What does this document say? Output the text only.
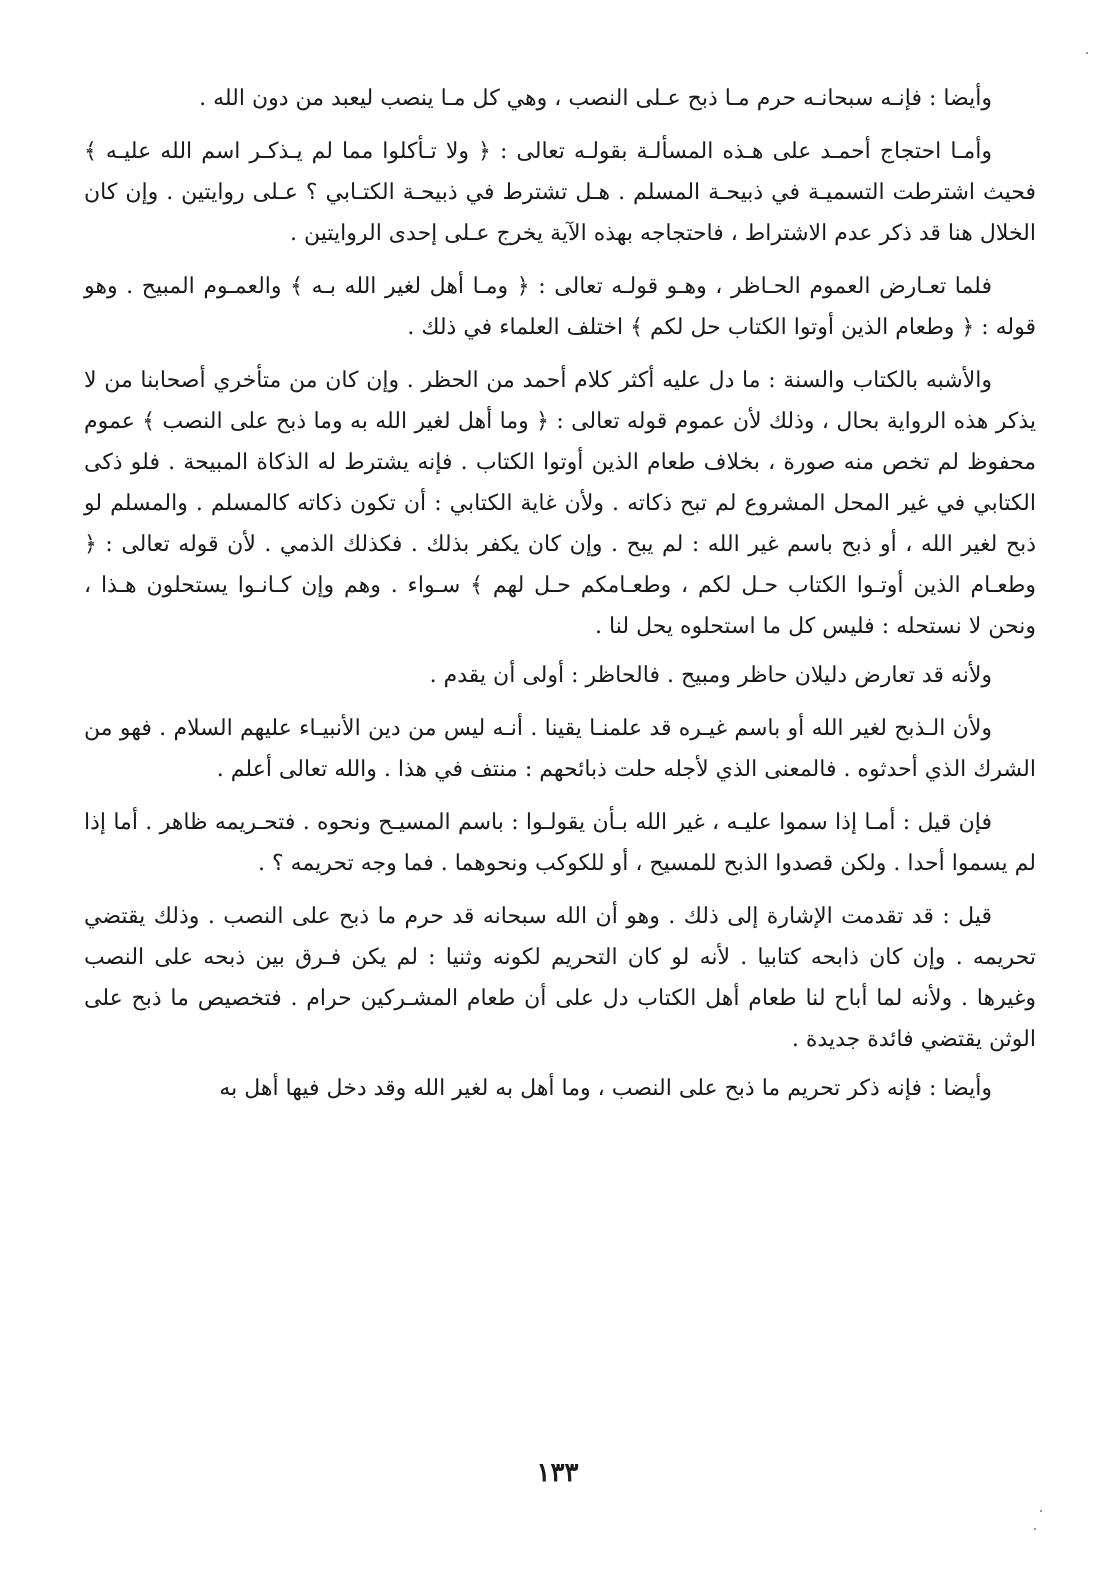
وأيضا : فإنـه سبحانـه حرم مـا ذبح عـلى النصب ، وهي كل مـا ينصب ليعبد من دون الله .

وأمـا احتجاج أحمـد على هـذه المسألـة بقولـه تعالى : ﴿ ولا تـأكلوا مما لم يـذكـر اسم الله عليـه ﴾ فحيث اشترطت التسميـة في ذبيحـة المسلم . هـل تشترط في ذبيحـة الكتـابي ؟ عـلى روايتين . وإن كان الخلال هنا قد ذكر عدم الاشتراط ، فاحتجاجه بهذه الآية يخرج عـلى إحدى الروايتين .

فلما تعـارض العموم الحـاظر ، وهـو قولـه تعالى : ﴿ ومـا أهل لغير الله بـه ﴾ والعمـوم المبيح . وهو قوله : ﴿ وطعام الذين أوتوا الكتاب حل لكم ﴾ اختلف العلماء في ذلك .

والأشبه بالكتاب والسنة : ما دل عليه أكثر كلام أحمد من الحظر . وإن كان من متأخري أصحابنا من لا يذكر هذه الرواية بحال ، وذلك لأن عموم قوله تعالى : ﴿ وما أهل لغير الله به وما ذبح على النصب ﴾ عموم محفوظ لم تخص منه صورة ، بخلاف طعام الذين أوتوا الكتاب . فإنه يشترط له الذكاة المبيحة . فلو ذكى الكتابي في غير المحل المشروع لم تبح ذكاته . ولأن غاية الكتابي : أن تكون ذكاته كالمسلم . والمسلم لو ذبح لغير الله ، أو ذبح باسم غير الله : لم يبح . وإن كان يكفر بذلك . فكذلك الذمي . لأن قوله تعالى : ﴿ وطعـام الذين أوتـوا الكتاب حـل لكم ، وطعـامكم حـل لهم ﴾ سـواء . وهم وإن كـانـوا يستحلون هـذا ، ونحن لا نستحله : فليس كل ما استحلوه يحل لنا .

ولأنه قد تعارض دليلان حاظر ومبيح . فالحاظر : أولى أن يقدم .

ولأن الـذبح لغير الله أو باسم غيـره قد علمنـا يقينا . أنـه ليس من دين الأنبيـاء عليهم السلام . فهو من الشرك الذي أحدثوه . فالمعنى الذي لأجله حلت ذبائحهم : منتف في هذا . والله تعالى أعلم .

فإن قيل : أمـا إذا سموا عليـه ، غير الله بـأن يقولـوا : باسم المسيـح ونحوه . فتحـريمه ظاهر . أما إذا لم يسموا أحدا . ولكن قصدوا الذبح للمسيح ، أو للكوكب ونحوهما . فما وجه تحريمه ؟ .

قيل : قد تقدمت الإشارة إلى ذلك . وهو أن الله سبحانه قد حرم ما ذبح على النصب . وذلك يقتضي تحريمه . وإن كان ذابحه كتابيا . لأنه لو كان التحريم لكونه وثنيا : لم يكن فـرق بين ذبحه على النصب وغيرها . ولأنه لما أباح لنا طعام أهل الكتاب دل على أن طعام المشـركين حرام . فتخصيص ما ذبح على الوثن يقتضي فائدة جديدة .

وأيضا : فإنه ذكر تحريم ما ذبح على النصب ، وما أهل به لغير الله وقد دخل فيها أهل به

١٣٣
